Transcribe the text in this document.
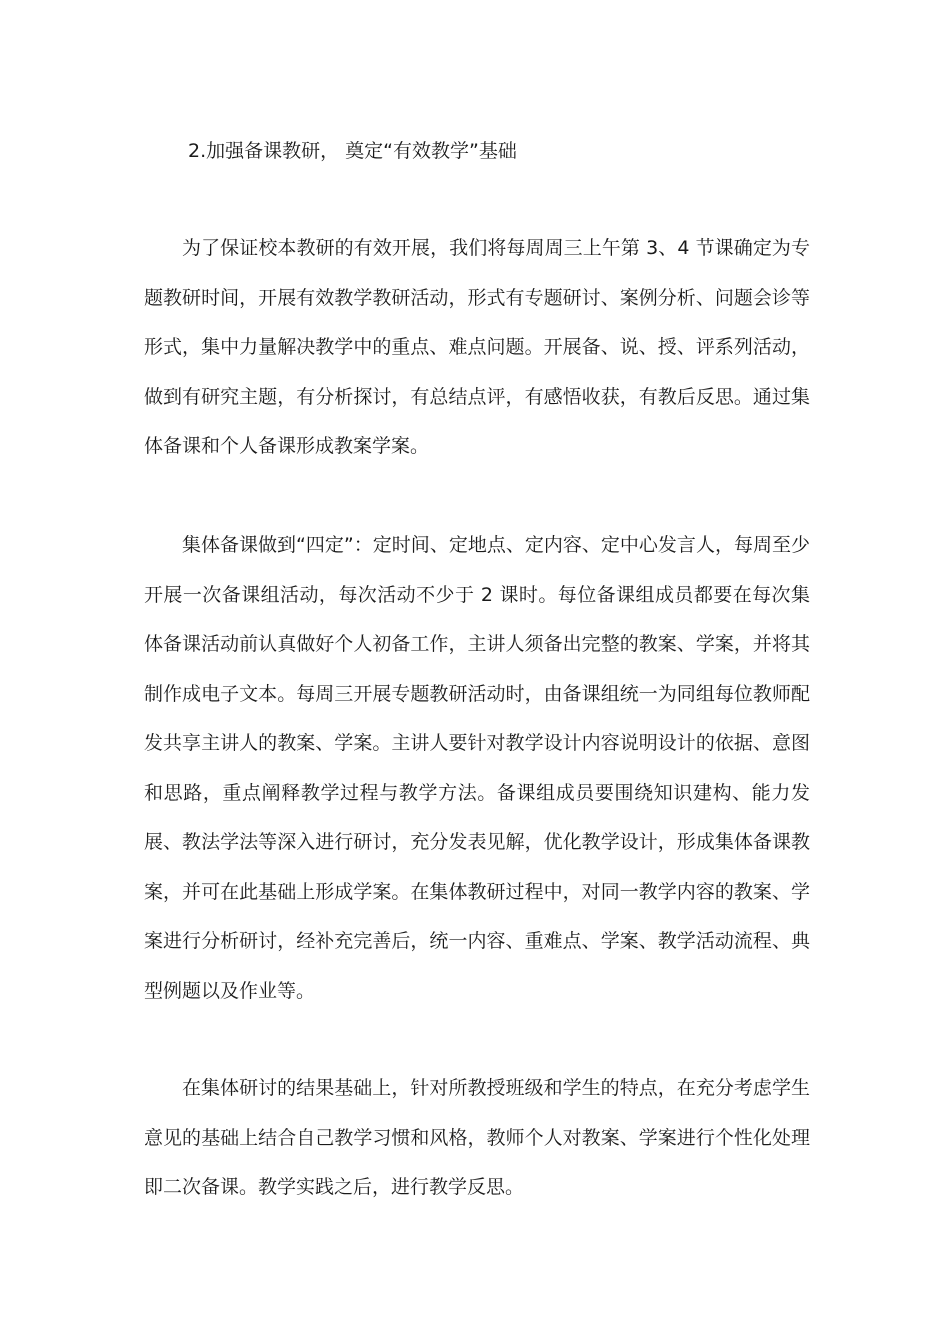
2.加强备课教研， 奠定“有效教学”基础

为了保证校本教研的有效开展，我们将每周周三上午第 3、4 节课确定为专题教研时间，开展有效教学教研活动，形式有专题研讨、案例分析、问题会诊等形式，集中力量解决教学中的重点、难点问题。开展备、说、授、评系列活动，做到有研究主题，有分析探讨，有总结点评，有感悟收获，有教后反思。通过集体备课和个人备课形成教案学案。

集体备课做到“四定”：定时间、定地点、定内容、定中心发言人，每周至少开展一次备课组活动，每次活动不少于 2 课时。每位备课组成员都要在每次集体备课活动前认真做好个人初备工作，主讲人须备出完整的教案、学案，并将其制作成电子文本。每周三开展专题教研活动时，由备课组统一为同组每位教师配发共享主讲人的教案、学案。主讲人要针对教学设计内容说明设计的依据、意图和思路，重点阐释教学过程与教学方法。备课组成员要围绕知识建构、能力发展、教法学法等深入进行研讨，充分发表见解，优化教学设计，形成集体备课教案，并可在此基础上形成学案。在集体教研过程中，对同一教学内容的教案、学案进行分析研讨，经补充完善后，统一内容、重难点、学案、教学活动流程、典型例题以及作业等。

在集体研讨的结果基础上，针对所教授班级和学生的特点，在充分考虑学生意见的基础上结合自己教学习惯和风格，教师个人对教案、学案进行个性化处理即二次备课。教学实践之后，进行教学反思。
